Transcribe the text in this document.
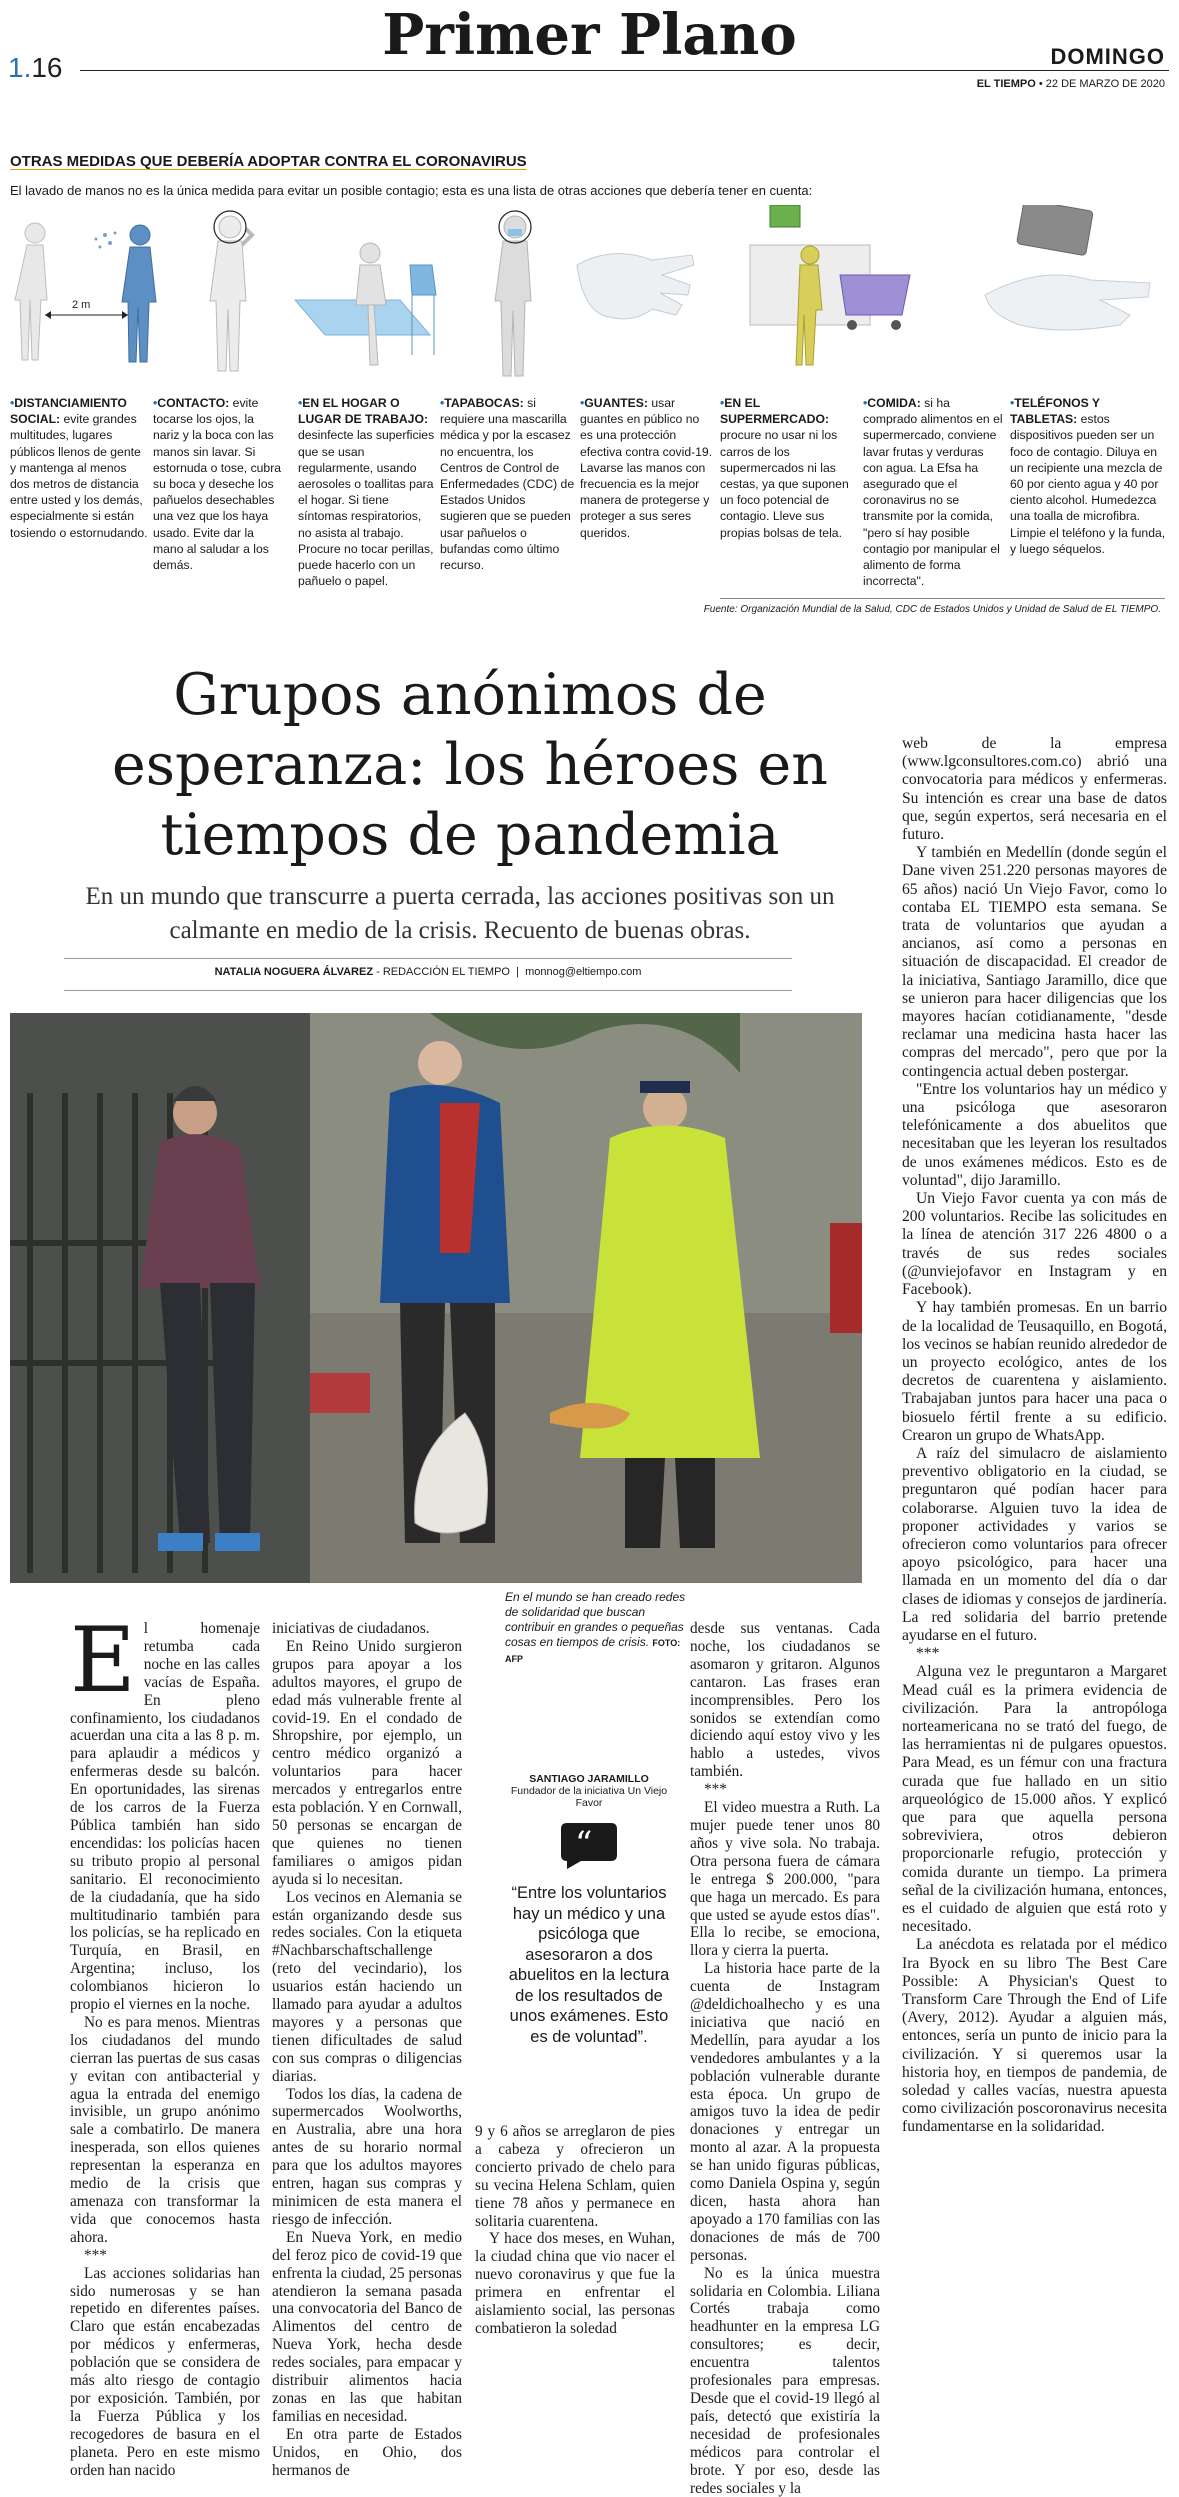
1.16	Primer Plano	DOMINGO
EL TIEMPO • 22 DE MARZO DE 2020
OTRAS MEDIDAS QUE DEBERÍA ADOPTAR CONTRA EL CORONAVIRUS
El lavado de manos no es la única medida para evitar un posible contagio; esta es una lista de otras acciones que debería tener en cuenta:
2 m
•DISTANCIAMIENTO SOCIAL: evite grandes multitudes, lugares públicos llenos de gente y mantenga al menos dos metros de distancia entre usted y los demás, especialmente si están tosiendo o estornudando.
•CONTACTO: evite tocarse los ojos, la nariz y la boca con las manos sin lavar. Si estornuda o tose, cubra su boca y deseche los pañuelos desechables una vez que los haya usado. Evite dar la mano al saludar a los demás.
•EN EL HOGAR O LUGAR DE TRABAJO: desinfecte las superficies que se usan regularmente, usando aerosoles o toallitas para el hogar. Si tiene síntomas respiratorios, no asista al trabajo. Procure no tocar perillas, puede hacerlo con un pañuelo o papel.
•TAPABOCAS: si requiere una mascarilla médica y por la escasez no encuentra, los Centros de Control de Enfermedades (CDC) de Estados Unidos sugieren que se pueden usar pañuelos o bufandas como último recurso.
•GUANTES: usar guantes en público no es una protección efectiva contra covid-19. Lavarse las manos con frecuencia es la mejor manera de protegerse y proteger a sus seres queridos.
•EN EL SUPERMERCADO: procure no usar ni los carros de los supermercados ni las cestas, ya que suponen un foco potencial de contagio. Lleve sus propias bolsas de tela.
•COMIDA: si ha comprado alimentos en el supermercado, conviene lavar frutas y verduras con agua. La Efsa ha asegurado que el coronavirus no se transmite por la comida, "pero sí hay posible contagio por manipular el alimento de forma incorrecta".
•TELÉFONOS Y TABLETAS: estos dispositivos pueden ser un foco de contagio. Diluya en un recipiente una mezcla de 60 por ciento agua y 40 por ciento alcohol. Humedezca una toalla de microfibra. Limpie el teléfono y la funda, y luego séquelos.
Fuente: Organización Mundial de la Salud, CDC de Estados Unidos y Unidad de Salud de EL TIEMPO.
Grupos anónimos de esperanza: los héroes en tiempos de pandemia
En un mundo que transcurre a puerta cerrada, las acciones positivas son un calmante en medio de la crisis. Recuento de buenas obras.
NATALIA NOGUERA ÁLVAREZ - REDACCIÓN EL TIEMPO  |  monnog@eltiempo.com
En el mundo se han creado redes de solidaridad que buscan contribuir en grandes o pequeñas cosas en tiempos de crisis. FOTO: AFP

El homenaje retumba cada noche en las calles vacías de España. En pleno confinamiento, los ciudadanos acuerdan una cita a las 8 p. m. para aplaudir a médicos y enfermeras desde su balcón. En oportunidades, las sirenas de los carros de la Fuerza Pública también han sido encendidas: los policías hacen su tributo propio al personal sanitario. El reconocimiento de la ciudadanía, que ha sido multitudinario también para los policías, se ha replicado en Turquía, en Brasil, en Argentina; incluso, los colombianos hicieron lo propio el viernes en la noche.

No es para menos. Mientras los ciudadanos del mundo cierran las puertas de sus casas y evitan con antibacterial y agua la entrada del enemigo invisible, un grupo anónimo sale a combatirlo. De manera inesperada, son ellos quienes representan la esperanza en medio de la crisis que amenaza con transformar la vida que conocemos hasta ahora.

***

Las acciones solidarias han sido numerosas y se han repetido en diferentes países. Claro que están encabezadas por médicos y enfermeras, población que se considera de más alto riesgo de contagio por exposición. También, por la Fuerza Pública y los recogedores de basura en el planeta. Pero en este mismo orden han nacido

iniciativas de ciudadanos.

En Reino Unido surgieron grupos para apoyar a los adultos mayores, el grupo de edad más vulnerable frente al covid-19. En el condado de Shropshire, por ejemplo, un centro médico organizó a voluntarios para hacer mercados y entregarlos entre esta población. Y en Cornwall, 50 personas se encargan de que quienes no tienen familiares o amigos pidan ayuda si lo necesitan.

Los vecinos en Alemania se están organizando desde sus redes sociales. Con la etiqueta #Nachbarschaftschallenge (reto del vecindario), los usuarios están haciendo un llamado para ayudar a adultos mayores y a personas que tienen dificultades de salud con sus compras o diligencias diarias.

Todos los días, la cadena de supermercados Woolworths, en Australia, abre una hora antes de su horario normal para que los adultos mayores entren, hagan sus compras y minimicen de esta manera el riesgo de infección.

En Nueva York, en medio del feroz pico de covid-19 que enfrenta la ciudad, 25 personas atendieron la semana pasada una convocatoria del Banco de Alimentos del centro de Nueva York, hecha desde redes sociales, para empacar y distribuir alimentos hacia zonas en las que habitan familias en necesidad.

En otra parte de Estados Unidos, en Ohio, dos hermanos de

SANTIAGO JARAMILLO
Fundador de la iniciativa Un Viejo Favor
“
“Entre los voluntarios hay un médico y una psicóloga que asesoraron a dos abuelitos en la lectura de los resultados de unos exámenes. Esto es de voluntad”.

9 y 6 años se arreglaron de pies a cabeza y ofrecieron un concierto privado de chelo para su vecina Helena Schlam, quien tiene 78 años y permanece en solitaria cuarentena.

Y hace dos meses, en Wuhan, la ciudad china que vio nacer el nuevo coronavirus y que fue la primera en enfrentar el aislamiento social, las personas combatieron la soledad

desde sus ventanas. Cada noche, los ciudadanos se asomaron y gritaron. Algunos cantaron. Las frases eran incomprensibles. Pero los sonidos se extendían como diciendo aquí estoy vivo y les hablo a ustedes, vivos también.

***

El video muestra a Ruth. La mujer puede tener unos 80 años y vive sola. No trabaja. Otra persona fuera de cámara le entrega $ 200.000, "para que haga un mercado. Es para que usted se ayude estos días". Ella lo recibe, se emociona, llora y cierra la puerta.

La historia hace parte de la cuenta de Instagram @deldichoalhecho y es una iniciativa que nació en Medellín, para ayudar a los vendedores ambulantes y a la población vulnerable durante esta época. Un grupo de amigos tuvo la idea de pedir donaciones y entregar un monto al azar. A la propuesta se han unido figuras públicas, como Daniela Ospina y, según dicen, hasta ahora han apoyado a 170 familias con las donaciones de más de 700 personas.

No es la única muestra solidaria en Colombia. Liliana Cortés trabaja como headhunter en la empresa LG consultores; es decir, encuentra talentos profesionales para empresas. Desde que el covid-19 llegó al país, detectó que existiría la necesidad de profesionales médicos para controlar el brote. Y por eso, desde las redes sociales y la

web de la empresa (www.lgconsultores.com.co) abrió una convocatoria para médicos y enfermeras. Su intención es crear una base de datos que, según expertos, será necesaria en el futuro.

Y también en Medellín (donde según el Dane viven 251.220 personas mayores de 65 años) nació Un Viejo Favor, como lo contaba EL TIEMPO esta semana. Se trata de voluntarios que ayudan a ancianos, así como a personas en situación de discapacidad. El creador de la iniciativa, Santiago Jaramillo, dice que se unieron para hacer diligencias que los mayores hacían cotidianamente, "desde reclamar una medicina hasta hacer las compras del mercado", pero que por la contingencia actual deben postergar.

"Entre los voluntarios hay un médico y una psicóloga que asesoraron telefónicamente a dos abuelitos que necesitaban que les leyeran los resultados de unos exámenes médicos. Esto es de voluntad", dijo Jaramillo.

Un Viejo Favor cuenta ya con más de 200 voluntarios. Recibe las solicitudes en la línea de atención 317 226 4800 o a través de sus redes sociales (@unviejofavor en Instagram y en Facebook).

Y hay también promesas. En un barrio de la localidad de Teusaquillo, en Bogotá, los vecinos se habían reunido alrededor de un proyecto ecológico, antes de los decretos de cuarentena y aislamiento. Trabajaban juntos para hacer una paca o biosuelo fértil frente a su edificio. Crearon un grupo de WhatsApp.

A raíz del simulacro de aislamiento preventivo obligatorio en la ciudad, se preguntaron qué podían hacer para colaborarse. Alguien tuvo la idea de proponer actividades y varios se ofrecieron como voluntarios para ofrecer apoyo psicológico, para hacer una llamada en un momento del día o dar clases de idiomas y consejos de jardinería. La red solidaria del barrio pretende ayudarse en el futuro.

***

Alguna vez le preguntaron a Margaret Mead cuál es la primera evidencia de civilización. Para la antropóloga norteamericana no se trató del fuego, de las herramientas ni de pulgares opuestos. Para Mead, es un fémur con una fractura curada que fue hallado en un sitio arqueológico de 15.000 años. Y explicó que para que aquella persona sobreviviera, otros debieron proporcionarle refugio, protección y comida durante un tiempo. La primera señal de la civilización humana, entonces, es el cuidado de alguien que está roto y necesitado.

La anécdota es relatada por el médico Ira Byock en su libro The Best Care Possible: A Physician's Quest to Transform Care Through the End of Life (Avery, 2012). Ayudar a alguien más, entonces, sería un punto de inicio para la civilización. Y si queremos usar la historia hoy, en tiempos de pandemia, de soledad y calles vacías, nuestra apuesta como civilización poscoronavirus necesita fundamentarse en la solidaridad.
